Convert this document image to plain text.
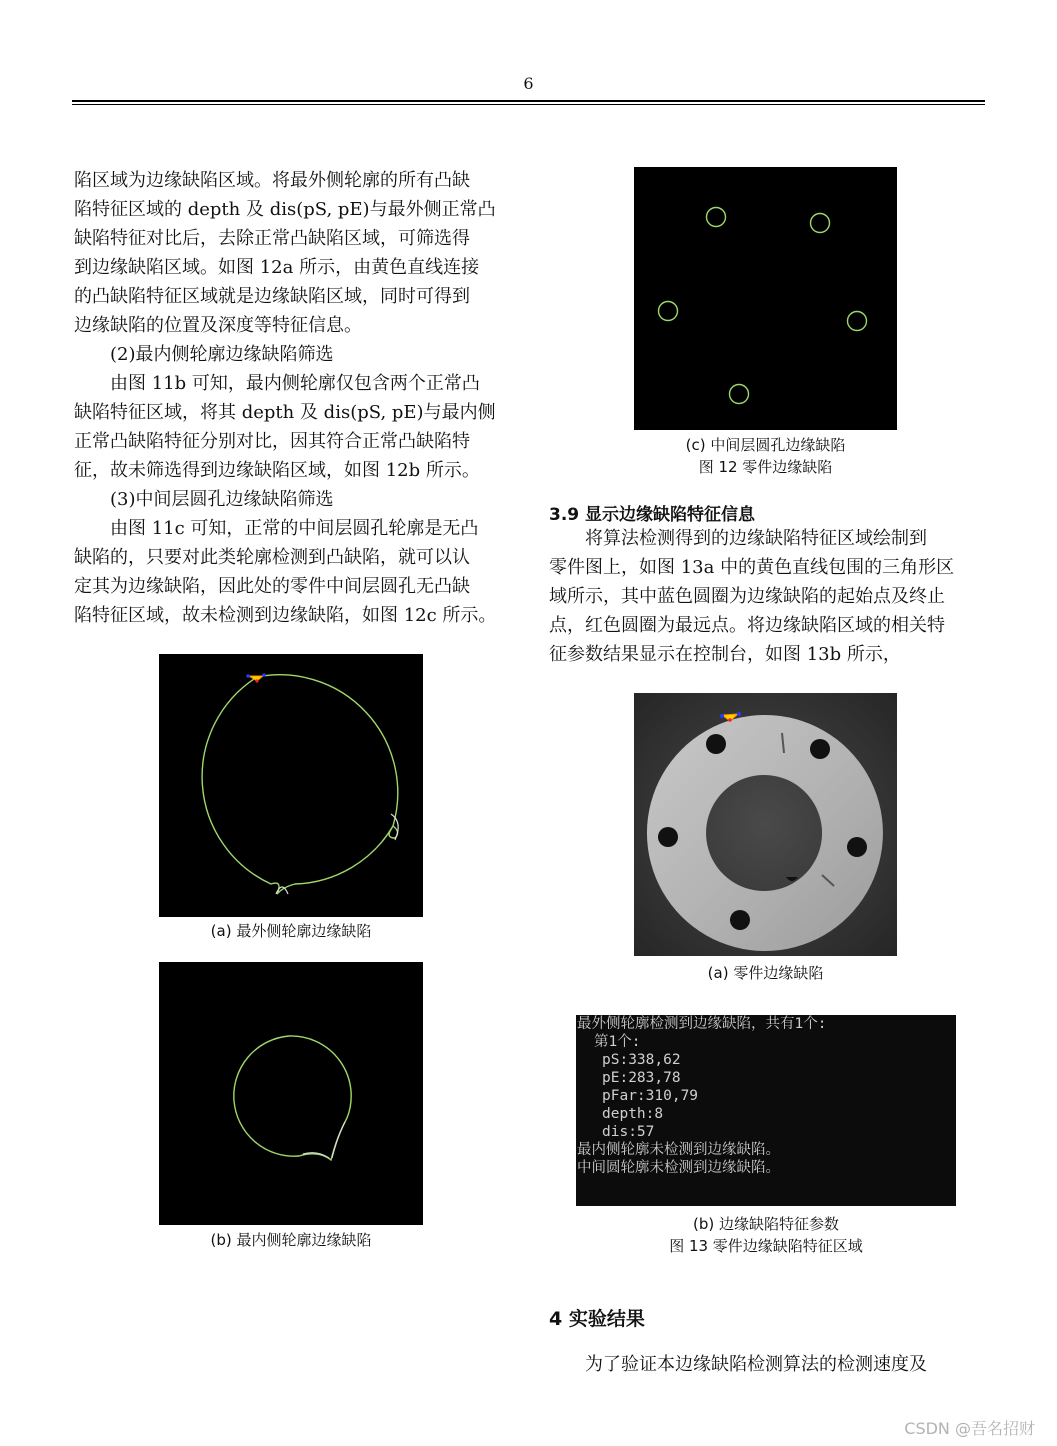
6

陷区域为边缘缺陷区域。将最外侧轮廓的所有凸缺

陷特征区域的 depth 及 dis(pS, pE)与最外侧正常凸

缺陷特征对比后，去除正常凸缺陷区域，可筛选得

到边缘缺陷区域。如图 12a 所示，由黄色直线连接

的凸缺陷特征区域就是边缘缺陷区域，同时可得到

边缘缺陷的位置及深度等特征信息。

(2)最内侧轮廓边缘缺陷筛选

由图 11b 可知，最内侧轮廓仅包含两个正常凸

缺陷特征区域，将其 depth 及 dis(pS, pE)与最内侧

正常凸缺陷特征分别对比，因其符合正常凸缺陷特

征，故未筛选得到边缘缺陷区域，如图 12b 所示。

(3)中间层圆孔边缘缺陷筛选

由图 11c 可知，正常的中间层圆孔轮廓是无凸

缺陷的，只要对此类轮廓检测到凸缺陷，就可以认

定其为边缘缺陷，因此处的零件中间层圆孔无凸缺

陷特征区域，故未检测到边缘缺陷，如图 12c 所示。

(a) 最外侧轮廓边缘缺陷
(b) 最内侧轮廓边缘缺陷
(c) 中间层圆孔边缘缺陷
图 12 零件边缘缺陷
3.9 显示边缘缺陷特征信息

将算法检测得到的边缘缺陷特征区域绘制到

零件图上，如图 13a 中的黄色直线包围的三角形区

域所示，其中蓝色圆圈为边缘缺陷的起始点及终止

点，红色圆圈为最远点。将边缘缺陷区域的相关特

征参数结果显示在控制台，如图 13b 所示，

(a) 零件边缘缺陷
最外侧轮廓检测到边缘缺陷，共有1个:
第1个:
pS:338,62
pE:283,78
pFar:310,79
depth:8
dis:57
最内侧轮廓未检测到边缘缺陷。
中间圆轮廓未检测到边缘缺陷。
(b) 边缘缺陷特征参数
图 13 零件边缘缺陷特征区域
4 实验结果

为了验证本边缘缺陷检测算法的检测速度及

CSDN @吾名招财
